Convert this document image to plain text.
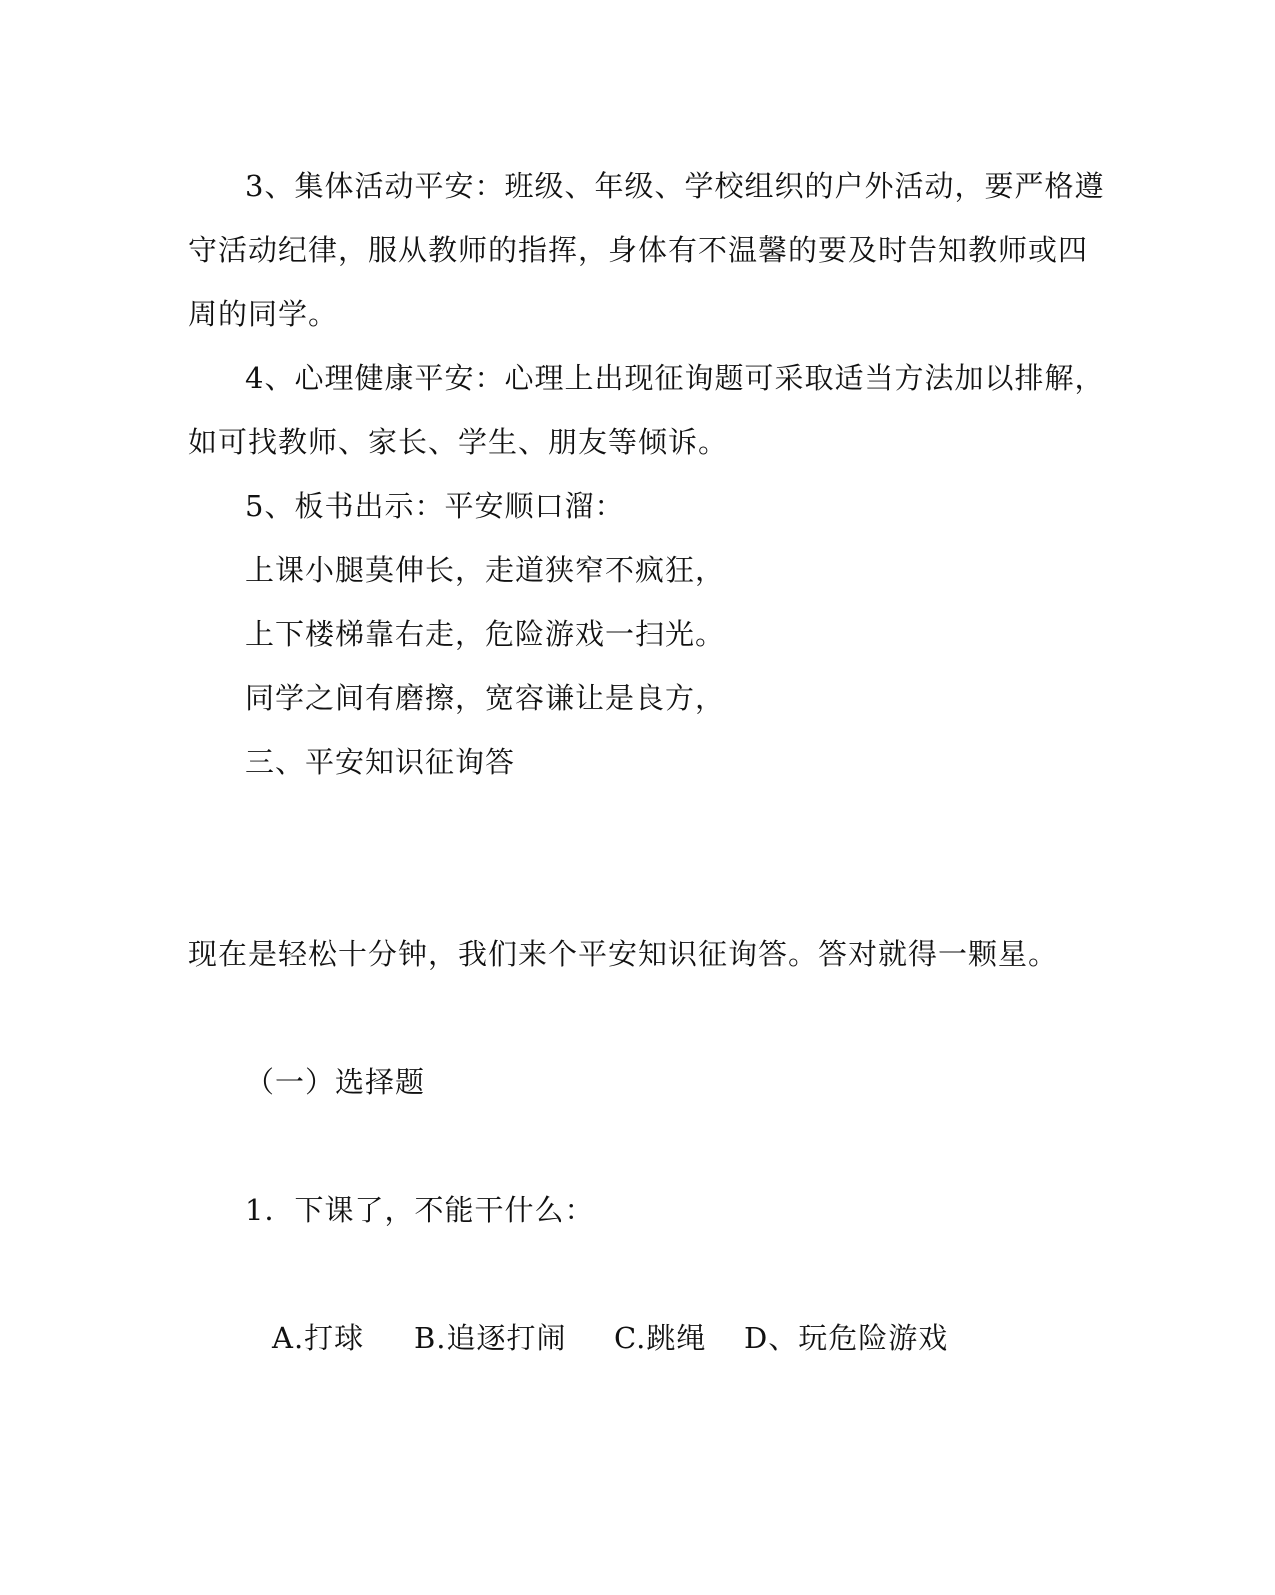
3、集体活动平安：班级、年级、学校组织的户外活动，要严格遵

守活动纪律，服从教师的指挥，身体有不温馨的要及时告知教师或四

周的同学。

4、心理健康平安：心理上出现征询题可采取适当方法加以排解，

如可找教师、家长、学生、朋友等倾诉。

5、板书出示：平安顺口溜：

上课小腿莫伸长，走道狭窄不疯狂，

上下楼梯靠右走，危险游戏一扫光。

同学之间有磨擦，宽容谦让是良方，

三、平安知识征询答

现在是轻松十分钟，我们来个平安知识征询答。答对就得一颗星。

（一）选择题

1．下课了，不能干什么：

A.打球 B.追逐打闹 C.跳绳 D、玩危险游戏
